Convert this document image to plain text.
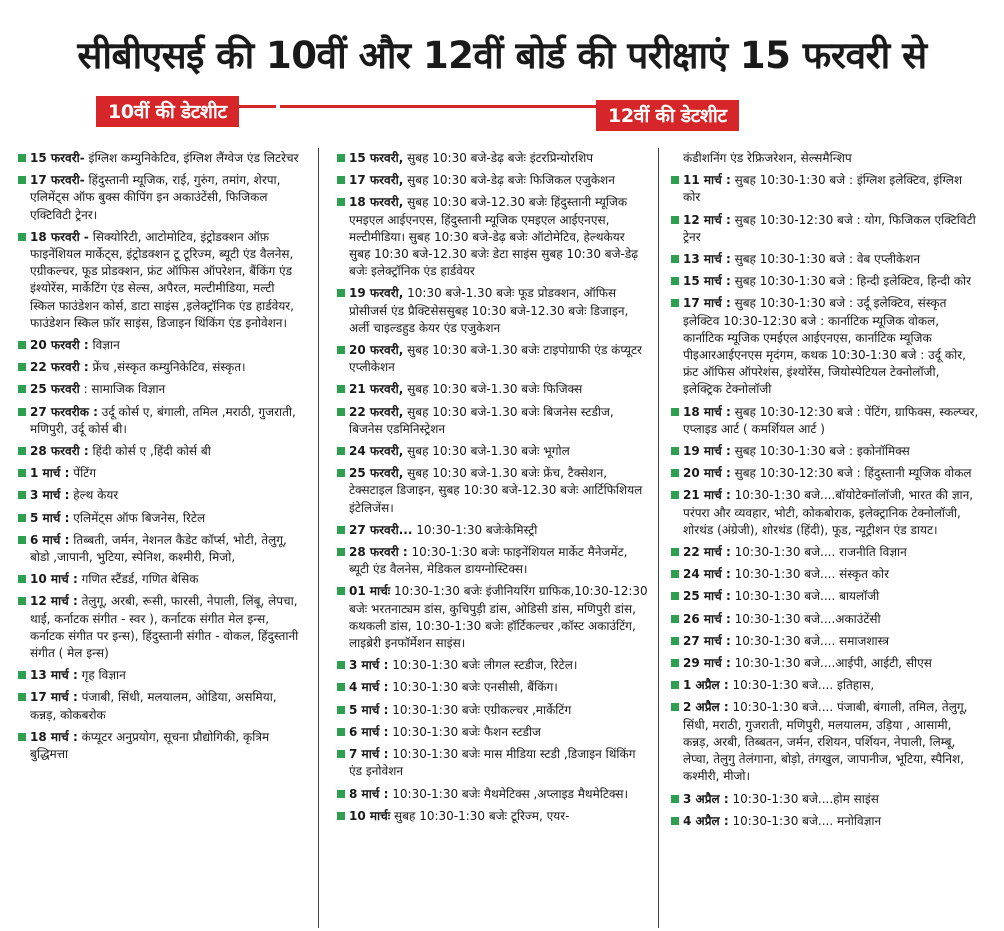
सीबीएसई की 10वीं और 12वीं बोर्ड की परीक्षाएं 15 फरवरी से
10वीं की डेटशीट	12वीं की डेटशीट
15 फरवरी- इंग्लिश कम्युनिकेटिव, इंग्लिश लैंग्वेज एंड लिटरेचर
17 फरवरी- हिंदुस्तानी म्यूजिक, राई, गुरुंग, तमांग, शेरपा, एलिमेंट्स ऑफ बुक्स कीपिंग इन अकाउंटेंसी, फिजिकल एक्टिविटी ट्रेनर।
18 फरवरी - सिक्योरिटी, आटोमोटिव, इंट्रोडक्शन ऑफ़ फाइनेंशियल मार्केट्स, इंट्रोडक्शन टू टूरिज्म, ब्यूटी एंड वैलनेस, एग्रीकल्चर, फूड प्रोडक्शन, फ्रंट ऑफिस ऑपरेशन, बैंकिंग एंड इंश्योरेंस, मार्केटिंग एंड सेल्स, अपैरल, मल्टीमीडिया, मल्टी स्किल फाउंडेशन कोर्स, डाटा साइंस ,इलेक्ट्रॉनिक एंड हार्डवेयर, फाउंडेशन स्किल फ़ॉर साइंस, डिजाइन थिंकिंग एंड इनोवेशन।
20 फरवरी : विज्ञान
22 फरवरी : फ्रेंच ,संस्कृत कम्युनिकेटिव, संस्कृत।
25 फरवरी : सामाजिक विज्ञान
27 फरवरीक : उर्दू कोर्स ए, बंगाली, तमिल ,मराठी, गुजराती, मणिपुरी, उर्दू कोर्स बी।
28 फरवरी : हिंदी कोर्स ए ,हिंदी कोर्स बी
1 मार्च : पेंटिंग
3 मार्च : हेल्थ केयर
5 मार्च : एलिमेंट्स ऑफ बिजनेस, रिटेल
6 मार्च : तिब्बती, जर्मन, नेशनल कैडेट कॉर्प्स, भोटी, तेलुगू, बोडो ,जापानी, भुटिया, स्पेनिश, कश्मीरी, मिजो,
10 मार्च : गणित स्टैंडर्ड, गणित बेसिक
12 मार्च : तेलुगू, अरबी, रूसी, फारसी, नेपाली, लिंबू, लेपचा, थाई, कर्नाटक संगीत - स्वर ), कर्नाटक संगीत मेल इन्स, कर्नाटक संगीत पर इन्स), हिंदुस्तानी संगीत - वोकल, हिंदुस्तानी संगीत ( मेल इन्स)
13 मार्च : गृह विज्ञान
17 मार्च : पंजाबी, सिंधी, मलयालम, ओडिया, असमिया, कन्नड़, कोकबरोक
18 मार्च : कंप्यूटर अनुप्रयोग, सूचना प्रौद्योगिकी, कृत्रिम बुद्धिमत्ता
15 फरवरी, सुबह 10:30 बजे-डेढ़ बजेः इंटरप्रिन्योरशिप
17 फरवरी, सुबह 10:30 बजे-डेढ़ बजेः फिजिकल एजुकेशन
18 फरवरी, सुबह 10:30 बजे-12.30 बजेः हिंदुस्तानी म्यूजिक एमइएल आईएनएस, हिंदुस्तानी म्यूजिक एमइएल आईएनएस, मल्टीमीडिया। सुबह 10:30 बजे-डेढ़ बजेः ऑटोमेटिव, हेल्थकेयर सुबह 10:30 बजे-12.30 बजेः डेटा साइंस सुबह 10:30 बजे-डेढ़ बजेः इलेक्ट्रॉनिक एंड हार्डवेयर
19 फरवरी, 10:30 बजे-1.30 बजेः फूड प्रोडक्शन, ऑफिस प्रोसीजर्स एंड प्रैक्टिसेससुबह 10:30 बजे-12.30 बजेः डिजाइन, अर्ली चाइल्डहुड केयर एंड एजुकेशन
20 फरवरी, सुबह 10:30 बजे-1.30 बजेः टाइपोग्राफी एंड कंप्यूटर एप्लीकेशन
21 फरवरी, सुबह 10:30 बजे-1.30 बजेः फिजिक्स
22 फरवरी, सुबह 10:30 बजे-1.30 बजेः बिजनेस स्टडीज, बिजनेस एडमिनिस्ट्रेशन
24 फरवरी, सुबह 10:30 बजे-1.30 बजेः भूगोल
25 फरवरी, सुबह 10:30 बजे-1.30 बजेः फ्रेंच, टैक्सेशन, टेक्सटाइल डिजाइन, सुबह 10:30 बजे-12.30 बजेः आर्टिफिशियल इंटेलिजेंस।
27 फरवरी... 10:30-1:30 बजेःकेमिस्ट्री
28 फरवरी : 10:30-1:30 बजेः फाइनेंशियल मार्केट मैनेजमेंट, ब्यूटी एंड वैलनेस, मेडिकल डायग्नोस्टिक्स।
01 मार्चः 10:30-1:30 बजेः इंजीनियरिंग ग्राफिक,10:30-12:30 बजेः भरतनाट्यम डांस, कुचिपुड़ी डांस, ओडिसी डांस, मणिपुरी डांस, कथकली डांस, 10:30-1:30 बजेः हॉर्टिकल्चर ,कॉस्ट अकाउंटिंग, लाइब्रेरी इनफॉर्मेशन साइंस।
3 मार्च : 10:30-1:30 बजेः लीगल स्टडीज, रिटेल।
4 मार्च : 10:30-1:30 बजेः एनसीसी, बैंकिंग।
5 मार्च : 10:30-1:30 बजेः एग्रीकल्चर ,मार्केटिंग
6 मार्च : 10:30-1:30 बजेः फैशन स्टडीज
7 मार्च : 10:30-1:30 बजेः मास मीडिया स्टडी ,डिजाइन थिंकिंग एंड इनोवेशन
8 मार्च : 10:30-1:30 बजेः मैथमेटिक्स ,अप्लाइड मैथमेटिक्स।
10 मार्चः सुबह 10:30-1:30 बजेः टूरिज्म, एयर-
कंडीशनिंग एंड रेफ्रिजरेशन, सेल्समैन्शिप
11 मार्च : सुबह 10:30-1:30 बजे : इंग्लिश इलेक्टिव, इंग्लिश कोर
12 मार्च : सुबह 10:30-12:30 बजे : योग, फिजिकल एक्टिविटी ट्रेनर
13 मार्च : सुबह 10:30-1:30 बजे : वेब एप्लीकेशन
15 मार्च : सुबह 10:30-1:30 बजे : हिन्दी इलेक्टिव, हिन्दी कोर
17 मार्च : सुबह 10:30-1:30 बजे : उर्दू इलेक्टिव, संस्कृत इलेक्टिव 10:30-12:30 बजे : कार्नाटिक म्यूजिक वोकल, कार्नाटिक म्यूजिक एमईएल आईएनएस, कार्नाटिक म्यूजिक पीइआरआईएनएस मृदंगम, कथक 10:30-1:30 बजे : उर्दू कोर, फ्रंट ऑफिस ऑपरेशंस, इंश्योरेंस, जियोस्पेटियल टेक्नोलॉजी, इलेक्ट्रिक टेक्नोलॉजी
18 मार्च : सुबह 10:30-12:30 बजे : पेंटिंग, ग्राफिक्स, स्कल्प्चर, एप्लाइड आर्ट ( कमर्शियल आर्ट )
19 मार्च : सुबह 10:30-1:30 बजे : इकोनॉमिक्स
20 मार्च : सुबह 10:30-12:30 बजे : हिंदुस्तानी म्यूजिक वोकल
21 मार्च : 10:30-1:30 बजे....बॉयोटेक्नॉलॉजी, भारत की ज्ञान, परंपरा और व्यवहार, भोटी, कोकबोराक, इलेक्ट्रानिक टेक्नोलॉजी, शोरथंड (अंग्रेजी), शोरथंड (हिंदी), फूड, न्यूट्रीशन एंड डायट।
22 मार्च : 10:30-1:30 बजे.... राजनीति विज्ञान
24 मार्च : 10:30-1:30 बजे.... संस्कृत कोर
25 मार्च : 10:30-1:30 बजे.... बायलॉजी
26 मार्च : 10:30-1:30 बजे....अकाउंटेंसी
27 मार्च : 10:30-1:30 बजे.... समाजशास्त्र
29 मार्च : 10:30-1:30 बजे....आईपी, आईटी, सीएस
1 अप्रैल : 10:30-1:30 बजे.... इतिहास,
2 अप्रैल : 10:30-1:30 बजे.... पंजाबी, बंगाली, तमिल, तेलुगू, सिंधी, मराठी, गुजराती, मणिपुरी, मलयालम, उड़िया , आसामी, कन्नड़, अरबी, तिब्बतन, जर्मन, रशियन, पर्शियन, नेपाली, लिम्बू, लेप्चा, तेलुगु तेलंगाना, बोड़ो, तंगखुल, जापानीज, भूटिया, स्पैनिश, कश्मीरी, मीजो।
3 अप्रैल : 10:30-1:30 बजे....होम साइंस
4 अप्रैल : 10:30-1:30 बजे.... मनोविज्ञान
